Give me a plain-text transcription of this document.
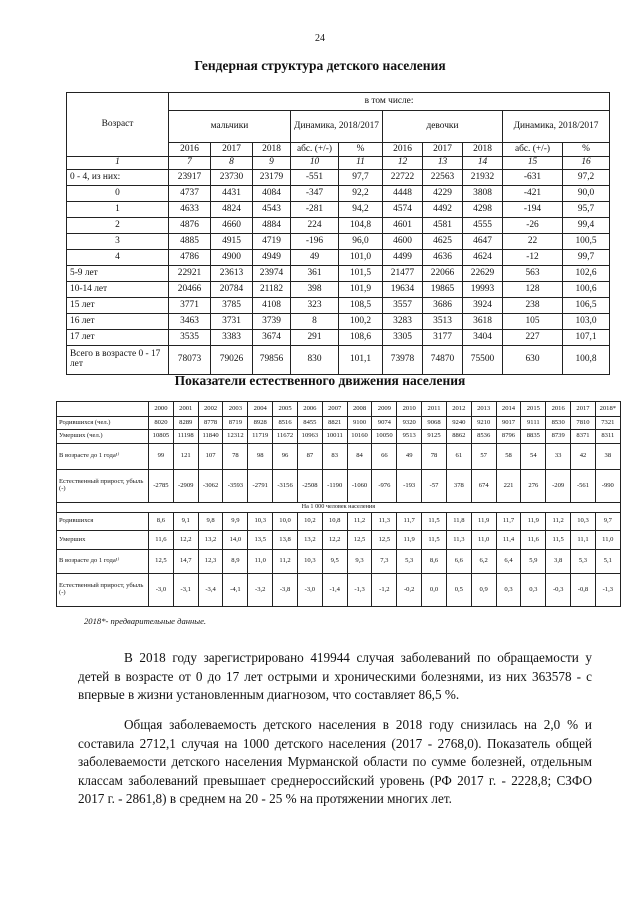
24
Гендерная структура детского населения
Возраст	в том числе:									
	мальчики			Динамика, 2018/2017		девочки			Динамика, 2018/2017	
	2016	2017	2018	абс. (+/-)	%	2016	2017	2018	абс. (+/-)	%
1	7	8	9	10	11	12	13	14	15	16
0 - 4, из них:	23917	23730	23179	-551	97,7	22722	22563	21932	-631	97,2
0	4737	4431	4084	-347	92,2	4448	4229	3808	-421	90,0
1	4633	4824	4543	-281	94,2	4574	4492	4298	-194	95,7
2	4876	4660	4884	224	104,8	4601	4581	4555	-26	99,4
3	4885	4915	4719	-196	96,0	4600	4625	4647	22	100,5
4	4786	4900	4949	49	101,0	4499	4636	4624	-12	99,7
5-9 лет	22921	23613	23974	361	101,5	21477	22066	22629	563	102,6
10-14 лет	20466	20784	21182	398	101,9	19634	19865	19993	128	100,6
15 лет	3771	3785	4108	323	108,5	3557	3686	3924	238	106,5
16 лет	3463	3731	3739	8	100,2	3283	3513	3618	105	103,0
17 лет	3535	3383	3674	291	108,6	3305	3177	3404	227	107,1
Всего в возрасте 0 - 17 лет	78073	79026	79856	830	101,1	73978	74870	75500	630	100,8
Показатели естественного движения населения
	2000	2001	2002	2003	2004	2005	2006	2007	2008	2009	2010	2011	2012	2013	2014	2015	2016	2017	2018*
Родившихся (чел.)	8020	8289	8778	8719	8928	8516	8455	8821	9100	9074	9320	9068	9240	9210	9017	9111	8530	7810	7321
Умерших (чел.)	10805	11198	11840	12312	11719	11672	10963	10011	10160	10050	9513	9125	8862	8536	8796	8835	8739	8371	8311
В возрасте до 1 года¹⁾	99	121	107	78	98	96	87	83	84	66	49	78	61	57	58	54	33	42	38
Естественный прирост, убыль (-)	-2785	-2909	-3062	-3593	-2791	-3156	-2508	-1190	-1060	-976	-193	-57	378	674	221	276	-209	-561	-990
На 1 000 человек населения																			
Родившихся	8,6	9,1	9,8	9,9	10,3	10,0	10,2	10,8	11,2	11,3	11,7	11,5	11,8	11,9	11,7	11,9	11,2	10,3	9,7
Умерших	11,6	12,2	13,2	14,0	13,5	13,8	13,2	12,2	12,5	12,5	11,9	11,5	11,3	11,0	11,4	11,6	11,5	11,1	11,0
В возрасте до 1 года¹⁾	12,5	14,7	12,3	8,9	11,0	11,2	10,3	9,5	9,3	7,3	5,3	8,6	6,6	6,2	6,4	5,9	3,8	5,3	5,1
Естественный прирост, убыль (-)	-3,0	-3,1	-3,4	-4,1	-3,2	-3,8	-3,0	-1,4	-1,3	-1,2	-0,2	0,0	0,5	0,9	0,3	0,3	-0,3	-0,8	-1,3
2018*- предварительные данные.
В 2018 году зарегистрировано 419944 случая заболеваний по обращаемости у детей в возрасте от 0 до 17 лет острыми и хроническими болезнями, из них 363578 - с впервые в жизни установленным диагнозом, что составляет 86,5 %.
Общая заболеваемость детского населения в 2018 году снизилась на 2,0 % и составила 2712,1 случая на 1000 детского населения (2017 - 2768,0). Показатель общей заболеваемости детского населения Мурманской области по сумме болезней, отдельным классам заболеваний превышает среднероссийский уровень (РФ 2017 г. - 2228,8; СЗФО 2017 г. - 2861,8) в среднем на 20 - 25 % на протяжении многих лет.
